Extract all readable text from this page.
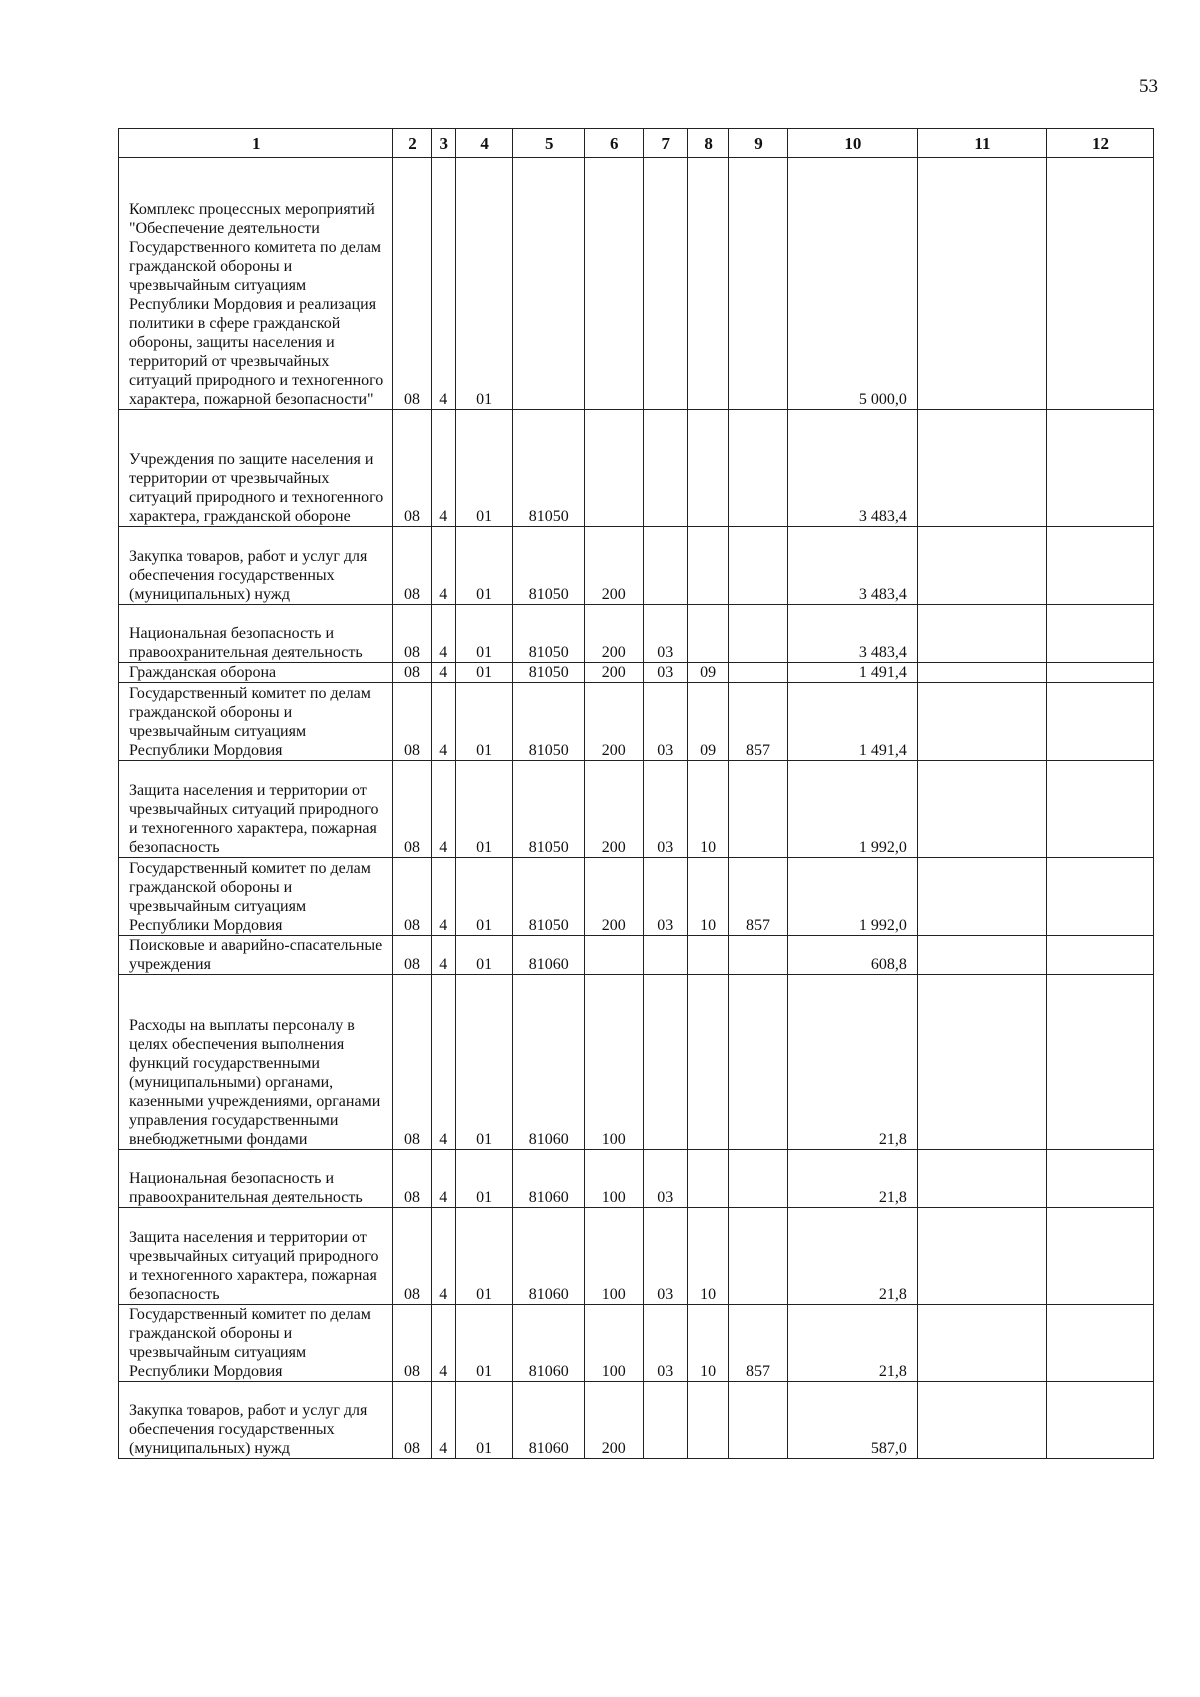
53
1	2	3	4	5	6	7	8	9	10	11	12
Комплекс процессных мероприятий "Обеспечение деятельности Государственного комитета по делам гражданской обороны и чрезвычайным ситуациям Республики Мордовия и реализация политики в сфере гражданской обороны, защиты населения и территорий от чрезвычайных ситуаций природного и техногенного характера, пожарной безопасности"	08	4	01						5 000,0		
Учреждения по защите населения и территории от чрезвычайных ситуаций природного и техногенного характера, гражданской обороне	08	4	01	81050					3 483,4		
Закупка товаров, работ и услуг для обеспечения государственных (муниципальных) нужд	08	4	01	81050	200				3 483,4		
Национальная безопасность и правоохранительная деятельность	08	4	01	81050	200	03			3 483,4		
Гражданская оборона	08	4	01	81050	200	03	09		1 491,4		
Государственный комитет по делам гражданской обороны и чрезвычайным ситуациям Республики Мордовия	08	4	01	81050	200	03	09	857	1 491,4		
Защита населения и территории от чрезвычайных ситуаций природного и техногенного характера, пожарная безопасность	08	4	01	81050	200	03	10		1 992,0		
Государственный комитет по делам гражданской обороны и чрезвычайным ситуациям Республики Мордовия	08	4	01	81050	200	03	10	857	1 992,0		
Поисковые и аварийно-спасательные учреждения	08	4	01	81060					608,8		
Расходы на выплаты персоналу в целях обеспечения выполнения функций государственными (муниципальными) органами, казенными учреждениями, органами управления государственными внебюджетными фондами	08	4	01	81060	100				21,8		
Национальная безопасность и правоохранительная деятельность	08	4	01	81060	100	03			21,8		
Защита населения и территории от чрезвычайных ситуаций природного и техногенного характера, пожарная безопасность	08	4	01	81060	100	03	10		21,8		
Государственный комитет по делам гражданской обороны и чрезвычайным ситуациям Республики Мордовия	08	4	01	81060	100	03	10	857	21,8		
Закупка товаров, работ и услуг для обеспечения государственных (муниципальных) нужд	08	4	01	81060	200				587,0		
